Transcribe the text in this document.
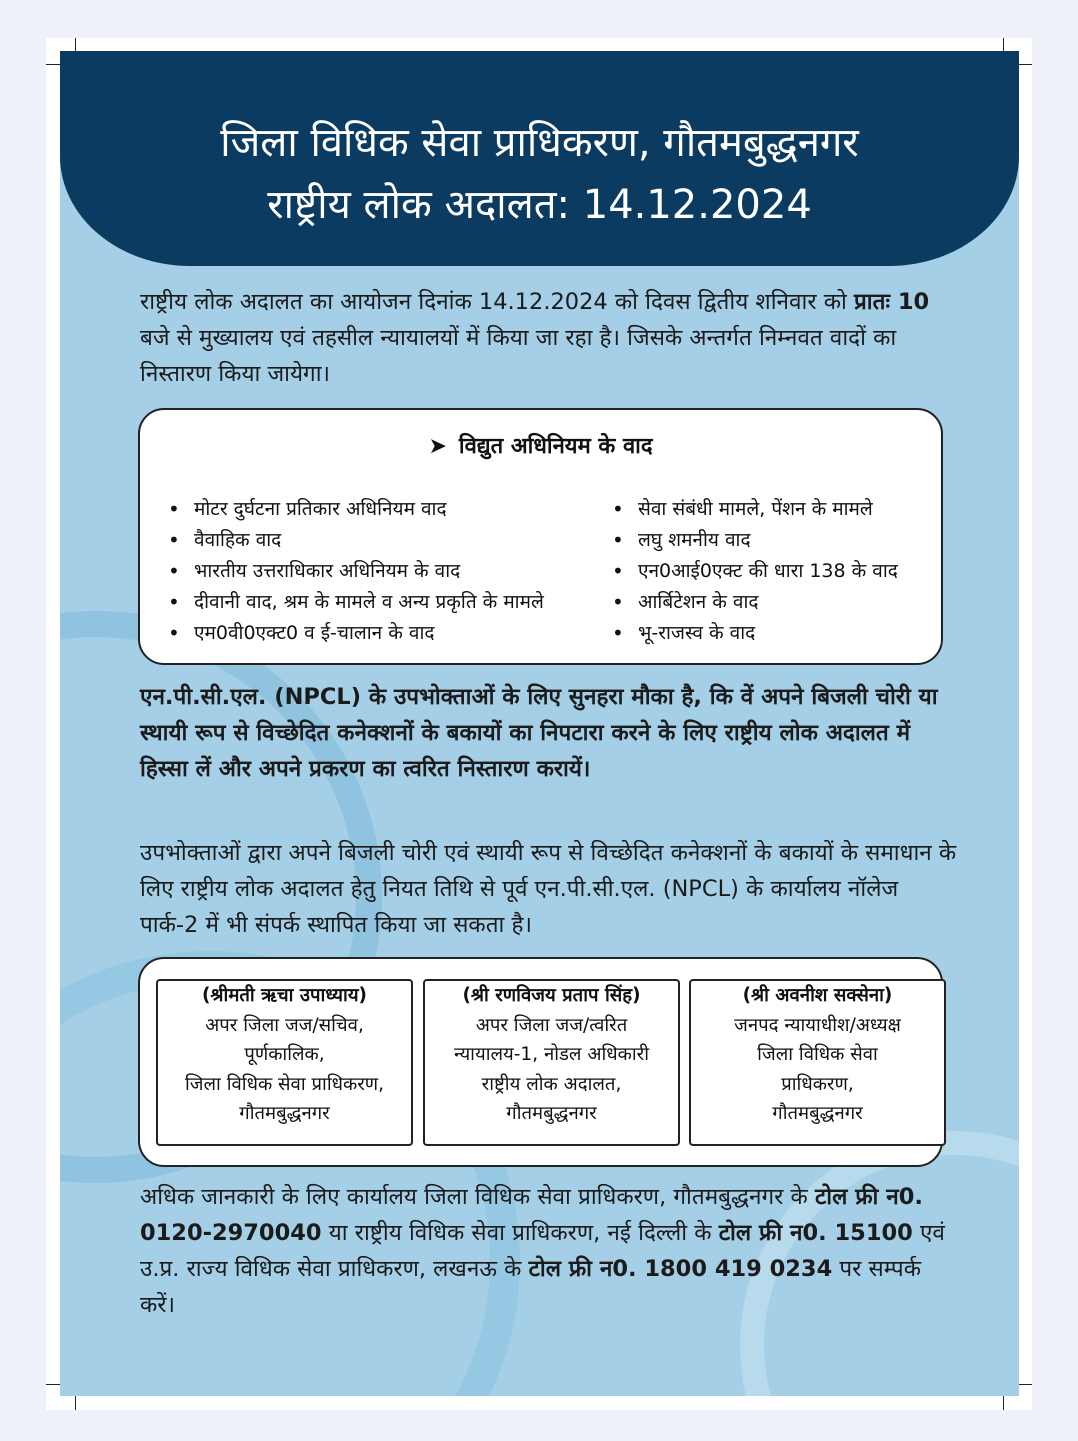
जिला विधिक सेवा प्राधिकरण, गौतमबुद्धनगर
राष्ट्रीय लोक अदालत: 14.12.2024
राष्ट्रीय लोक अदालत का आयोजन दिनांक 14.12.2024 को दिवस द्वितीय शनिवार को प्रातः 10 बजे से मुख्यालय एवं तहसील न्यायालयों में किया जा रहा है। जिसके अन्तर्गत निम्नवत वादों का निस्तारण किया जायेगा।
➤ विद्युत अधिनियम के वाद
• मोटर दुर्घटना प्रतिकार अधिनियम वाद
• वैवाहिक वाद
• भारतीय उत्तराधिकार अधिनियम के वाद
• दीवानी वाद, श्रम के मामले व अन्य प्रकृति के मामले
• एम0वी0एक्ट0 व ई-चालान के वाद
• सेवा संबंधी मामले, पेंशन के मामले
• लघु शमनीय वाद
• एन0आई0एक्ट की धारा 138 के वाद
• आर्बिटेशन के वाद
• भू-राजस्व के वाद
एन.पी.सी.एल. (NPCL) के उपभोक्ताओं के लिए सुनहरा मौका है, कि वें अपने बिजली चोरी या स्थायी रूप से विच्छेदित कनेक्शनों के बकायों का निपटारा करने के लिए राष्ट्रीय लोक अदालत में हिस्सा लें और अपने प्रकरण का त्वरित निस्तारण करायें।
उपभोक्ताओं द्वारा अपने बिजली चोरी एवं स्थायी रूप से विच्छेदित कनेक्शनों के बकायों के समाधान के लिए राष्ट्रीय लोक अदालत हेतु नियत तिथि से पूर्व एन.पी.सी.एल. (NPCL) के कार्यालय नॉलेज पार्क-2 में भी संपर्क स्थापित किया जा सकता है।
(श्रीमती ऋचा उपाध्याय)
अपर जिला जज/सचिव,
पूर्णकालिक,
जिला विधिक सेवा प्राधिकरण,
गौतमबुद्धनगर
(श्री रणविजय प्रताप सिंह)
अपर जिला जज/त्वरित
न्यायालय-1, नोडल अधिकारी
राष्ट्रीय लोक अदालत,
गौतमबुद्धनगर
(श्री अवनीश सक्सेना)
जनपद न्यायाधीश/अध्यक्ष
जिला विधिक सेवा
प्राधिकरण,
गौतमबुद्धनगर
अधिक जानकारी के लिए कार्यालय जिला विधिक सेवा प्राधिकरण, गौतमबुद्धनगर के टोल फ्री न0. 0120-2970040 या राष्ट्रीय विधिक सेवा प्राधिकरण, नई दिल्ली के टोल फ्री न0. 15100 एवं उ.प्र. राज्य विधिक सेवा प्राधिकरण, लखनऊ के टोल फ्री न0. 1800 419 0234 पर सम्पर्क करें।
